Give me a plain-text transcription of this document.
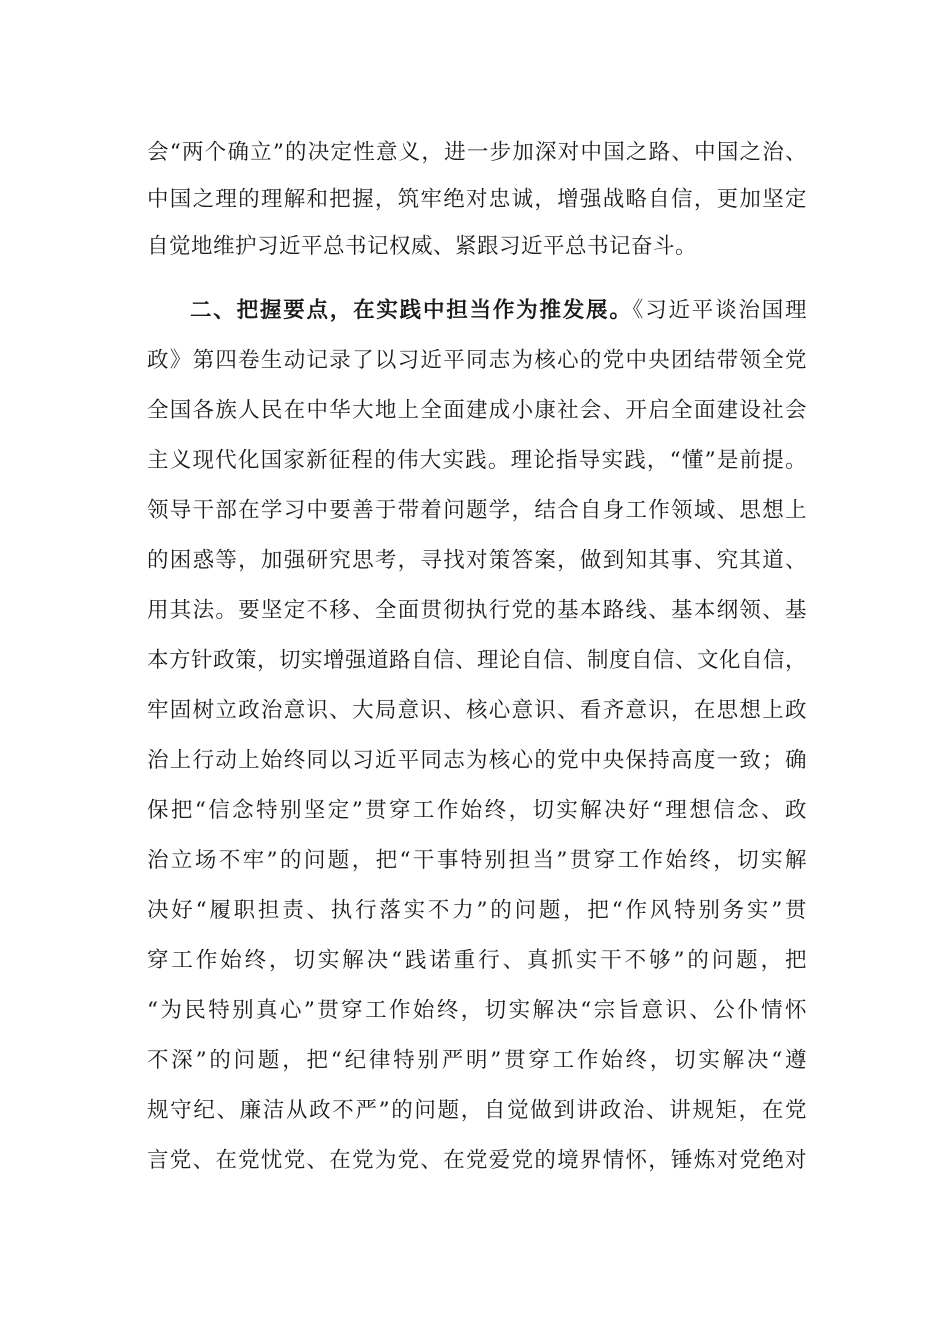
会“两个确立”的决定性意义，进一步加深对中国之路、中国之治、
中国之理的理解和把握，筑牢绝对忠诚，增强战略自信，更加坚定
自觉地维护习近平总书记权威、紧跟习近平总书记奋斗。
二、把握要点，在实践中担当作为推发展。《习近平谈治国理
政》第四卷生动记录了以习近平同志为核心的党中央团结带领全党
全国各族人民在中华大地上全面建成小康社会、开启全面建设社会
主义现代化国家新征程的伟大实践。理论指导实践，“懂”是前提。
领导干部在学习中要善于带着问题学，结合自身工作领域、思想上
的困惑等，加强研究思考，寻找对策答案，做到知其事、究其道、
用其法。要坚定不移、全面贯彻执行党的基本路线、基本纲领、基
本方针政策，切实增强道路自信、理论自信、制度自信、文化自信，
牢固树立政治意识、大局意识、核心意识、看齐意识，在思想上政
治上行动上始终同以习近平同志为核心的党中央保持高度一致；确
保把“信念特别坚定”贯穿工作始终，切实解决好“理想信念、政
治立场不牢”的问题，把“干事特别担当”贯穿工作始终，切实解
决好“履职担责、执行落实不力”的问题，把“作风特别务实”贯
穿工作始终，切实解决“践诺重行、真抓实干不够”的问题，把
“为民特别真心”贯穿工作始终，切实解决“宗旨意识、公仆情怀
不深”的问题，把“纪律特别严明”贯穿工作始终，切实解决“遵
规守纪、廉洁从政不严”的问题，自觉做到讲政治、讲规矩，在党
言党、在党忧党、在党为党、在党爱党的境界情怀，锤炼对党绝对
